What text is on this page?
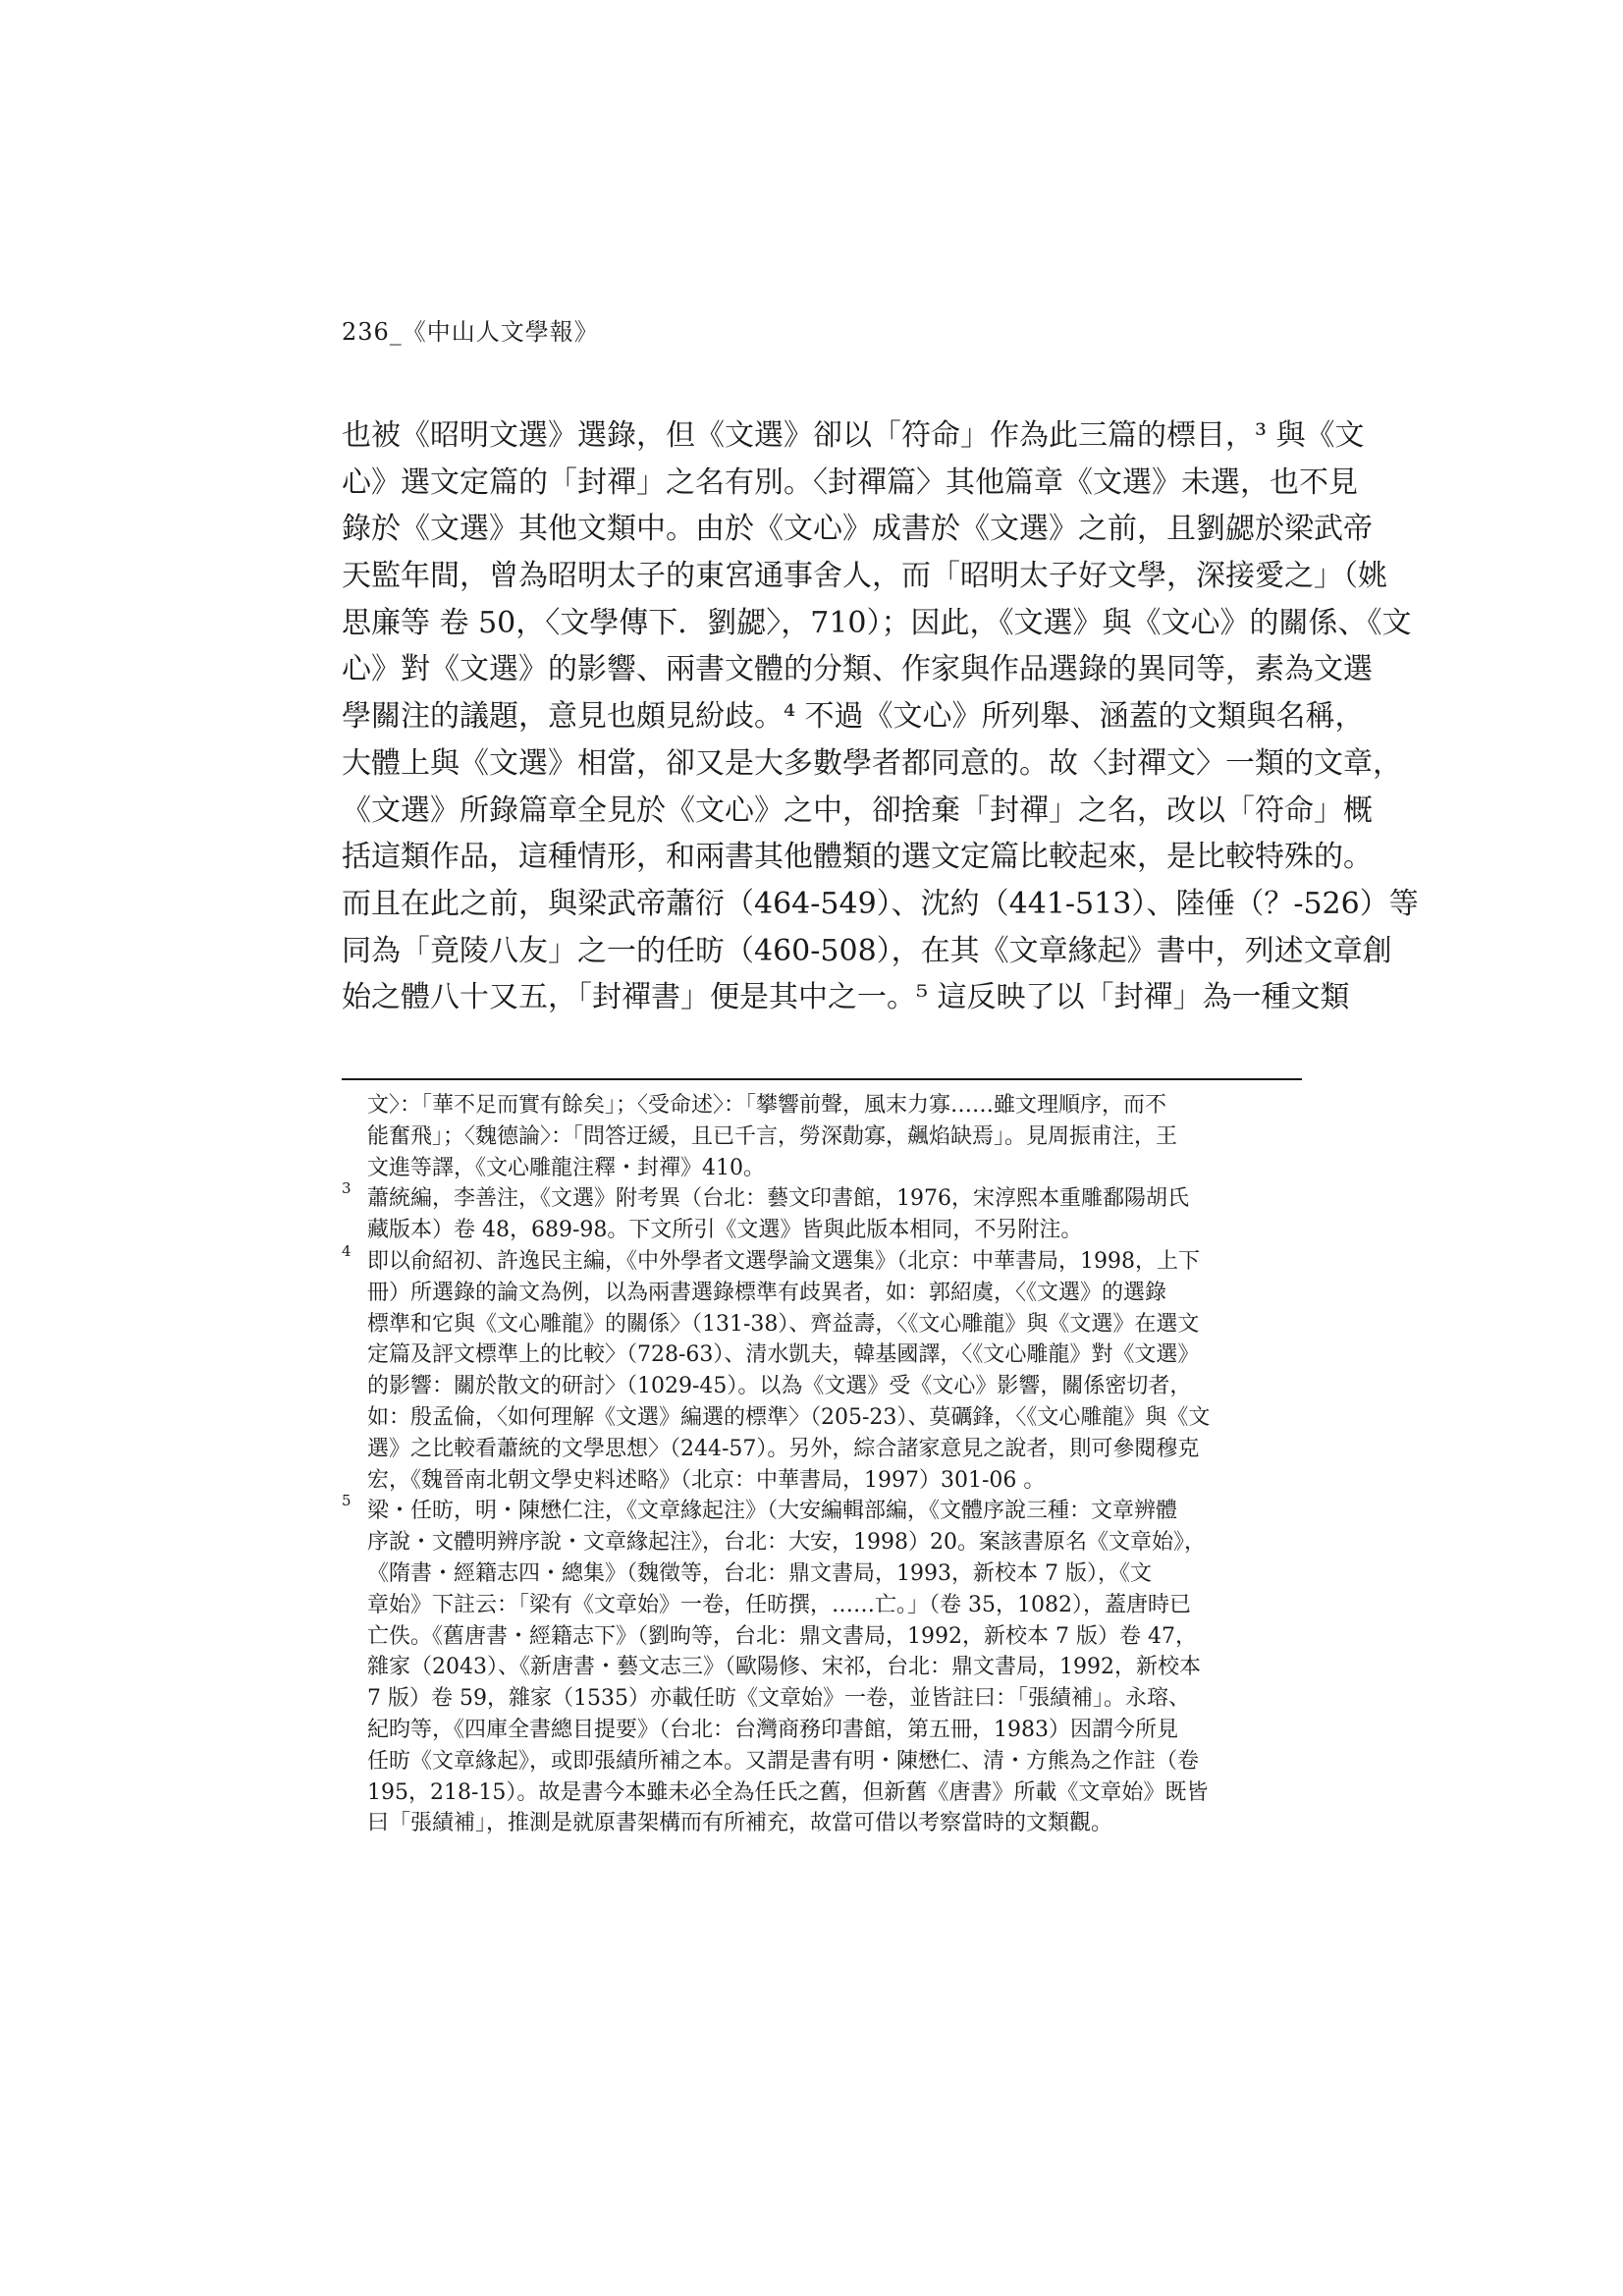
236_《中山人文學報》
也被《昭明文選》選錄，但《文選》卻以「符命」作為此三篇的標目，³ 與《文
心》選文定篇的「封禪」之名有別。〈封禪篇〉其他篇章《文選》未選，也不見
錄於《文選》其他文類中。由於《文心》成書於《文選》之前，且劉勰於梁武帝
天監年間，曾為昭明太子的東宮通事舍人，而「昭明太子好文學，深接愛之」（姚
思廉等 卷 50，〈文學傳下．劉勰〉，710）；因此，《文選》與《文心》的關係、《文
心》對《文選》的影響、兩書文體的分類、作家與作品選錄的異同等，素為文選
學關注的議題，意見也頗見紛歧。⁴ 不過《文心》所列舉、涵蓋的文類與名稱，
大體上與《文選》相當，卻又是大多數學者都同意的。故〈封禪文〉一類的文章，
《文選》所錄篇章全見於《文心》之中，卻捨棄「封禪」之名，改以「符命」概
括這類作品，這種情形，和兩書其他體類的選文定篇比較起來，是比較特殊的。
而且在此之前，與梁武帝蕭衍（464-549）、沈約（441-513）、陸倕（？-526）等
同為「竟陵八友」之一的任昉（460-508），在其《文章緣起》書中，列述文章創
始之體八十又五，「封禪書」便是其中之一。⁵ 這反映了以「封禪」為一種文類
文〉：「華不足而實有餘矣」；〈受命述〉：「攀響前聲，風末力寡……雖文理順序，而不
能奮飛」；〈魏德論〉：「問答迂緩，且已千言，勞深勣寡，飆焰缺焉」。見周振甫注，王
文進等譯，《文心雕龍注釋・封禪》410。
3 蕭統編，李善注，《文選》附考異（台北：藝文印書館，1976，宋淳熙本重雕鄱陽胡氏
藏版本）卷 48，689-98。下文所引《文選》皆與此版本相同，不另附注。
4 即以俞紹初、許逸民主編，《中外學者文選學論文選集》（北京：中華書局，1998，上下
冊）所選錄的論文為例，以為兩書選錄標準有歧異者，如：郭紹虞，〈《文選》的選錄
標準和它與《文心雕龍》的關係〉（131-38）、齊益壽，〈《文心雕龍》與《文選》在選文
定篇及評文標準上的比較〉（728-63）、清水凱夫，韓基國譯，〈《文心雕龍》對《文選》
的影響：關於散文的研討〉（1029-45）。以為《文選》受《文心》影響，關係密切者，
如：殷孟倫，〈如何理解《文選》編選的標準〉（205-23）、莫礪鋒，〈《文心雕龍》與《文
選》之比較看蕭統的文學思想〉（244-57）。另外，綜合諸家意見之說者，則可參閱穆克
宏，《魏晉南北朝文學史料述略》（北京：中華書局，1997）301-06 。
5 梁・任昉，明・陳懋仁注，《文章緣起注》（大安編輯部編，《文體序說三種：文章辨體
序說・文體明辨序說・文章緣起注》，台北：大安，1998）20。案該書原名《文章始》，
《隋書・經籍志四・總集》（魏徵等，台北：鼎文書局，1993，新校本 7 版），《文
章始》下註云：「梁有《文章始》一卷，任昉撰，……亡。」（卷 35，1082），蓋唐時已
亡佚。《舊唐書・經籍志下》（劉昫等，台北：鼎文書局，1992，新校本 7 版）卷 47，
雜家（2043）、《新唐書・藝文志三》（歐陽修、宋祁，台北：鼎文書局，1992，新校本
7 版）卷 59，雜家（1535）亦載任昉《文章始》一卷，並皆註曰：「張績補」。永瑢、
紀昀等，《四庫全書總目提要》（台北：台灣商務印書館，第五冊，1983）因謂今所見
任昉《文章緣起》，或即張績所補之本。又謂是書有明・陳懋仁、清・方熊為之作註（卷
195，218-15）。故是書今本雖未必全為任氏之舊，但新舊《唐書》所載《文章始》既皆
曰「張績補」，推測是就原書架構而有所補充，故當可借以考察當時的文類觀。
